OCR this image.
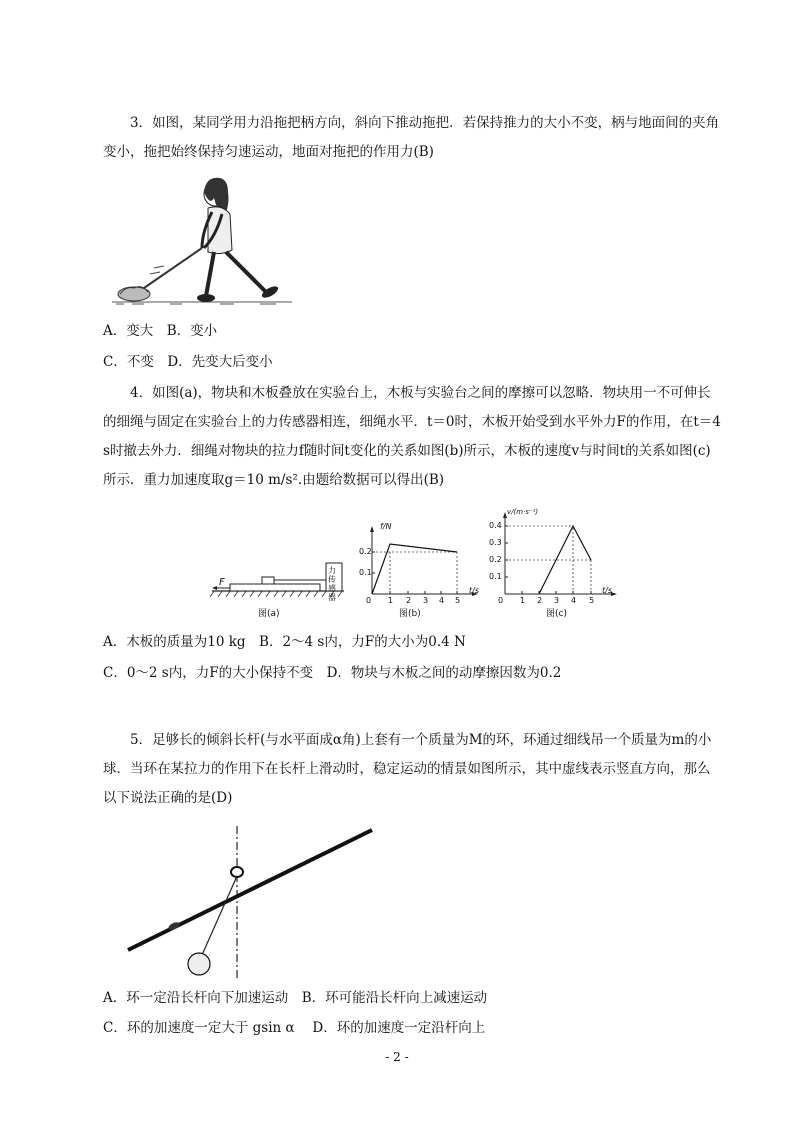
3．如图，某同学用力沿拖把柄方向，斜向下推动拖把．若保持推力的大小不变，柄与地面间的夹角变小，拖把始终保持匀速运动，地面对拖把的作用力(B)
A．变大　B．变小
C．不变　D．先变大后变小
4．如图(a)，物块和木板叠放在实验台上，木板与实验台之间的摩擦可以忽略．物块用一不可伸长的细绳与固定在实验台上的力传感器相连，细绳水平．t＝0时，木板开始受到水平外力F的作用，在t＝4 s时撤去外力．细绳对物块的拉力f随时间t变化的关系如图(b)所示，木板的速度v与时间t的关系如图(c)所示．重力加速度取g＝10 m/s².由题给数据可以得出(B)
F
力传感器
图(a)
f/N
t/s
0.2
0.1
0 1 2 3 4 5
图(b)
v/(m·s⁻¹)
t/s
0.4
0.3
0.2
0.1
0 1 2 3 4 5
图(c)
A．木板的质量为10 kg　B．2～4 s内，力F的大小为0.4 N
C．0～2 s内，力F的大小保持不变　D．物块与木板之间的动摩擦因数为0.2
5．足够长的倾斜长杆(与水平面成α角)上套有一个质量为M的环，环通过细线吊一个质量为m的小球．当环在某拉力的作用下在长杆上滑动时，稳定运动的情景如图所示，其中虚线表示竖直方向，那么以下说法正确的是(D)
A．环一定沿长杆向下加速运动　B．环可能沿长杆向上减速运动
C．环的加速度一定大于 gsin α　 D．环的加速度一定沿杆向上
- 2 -
